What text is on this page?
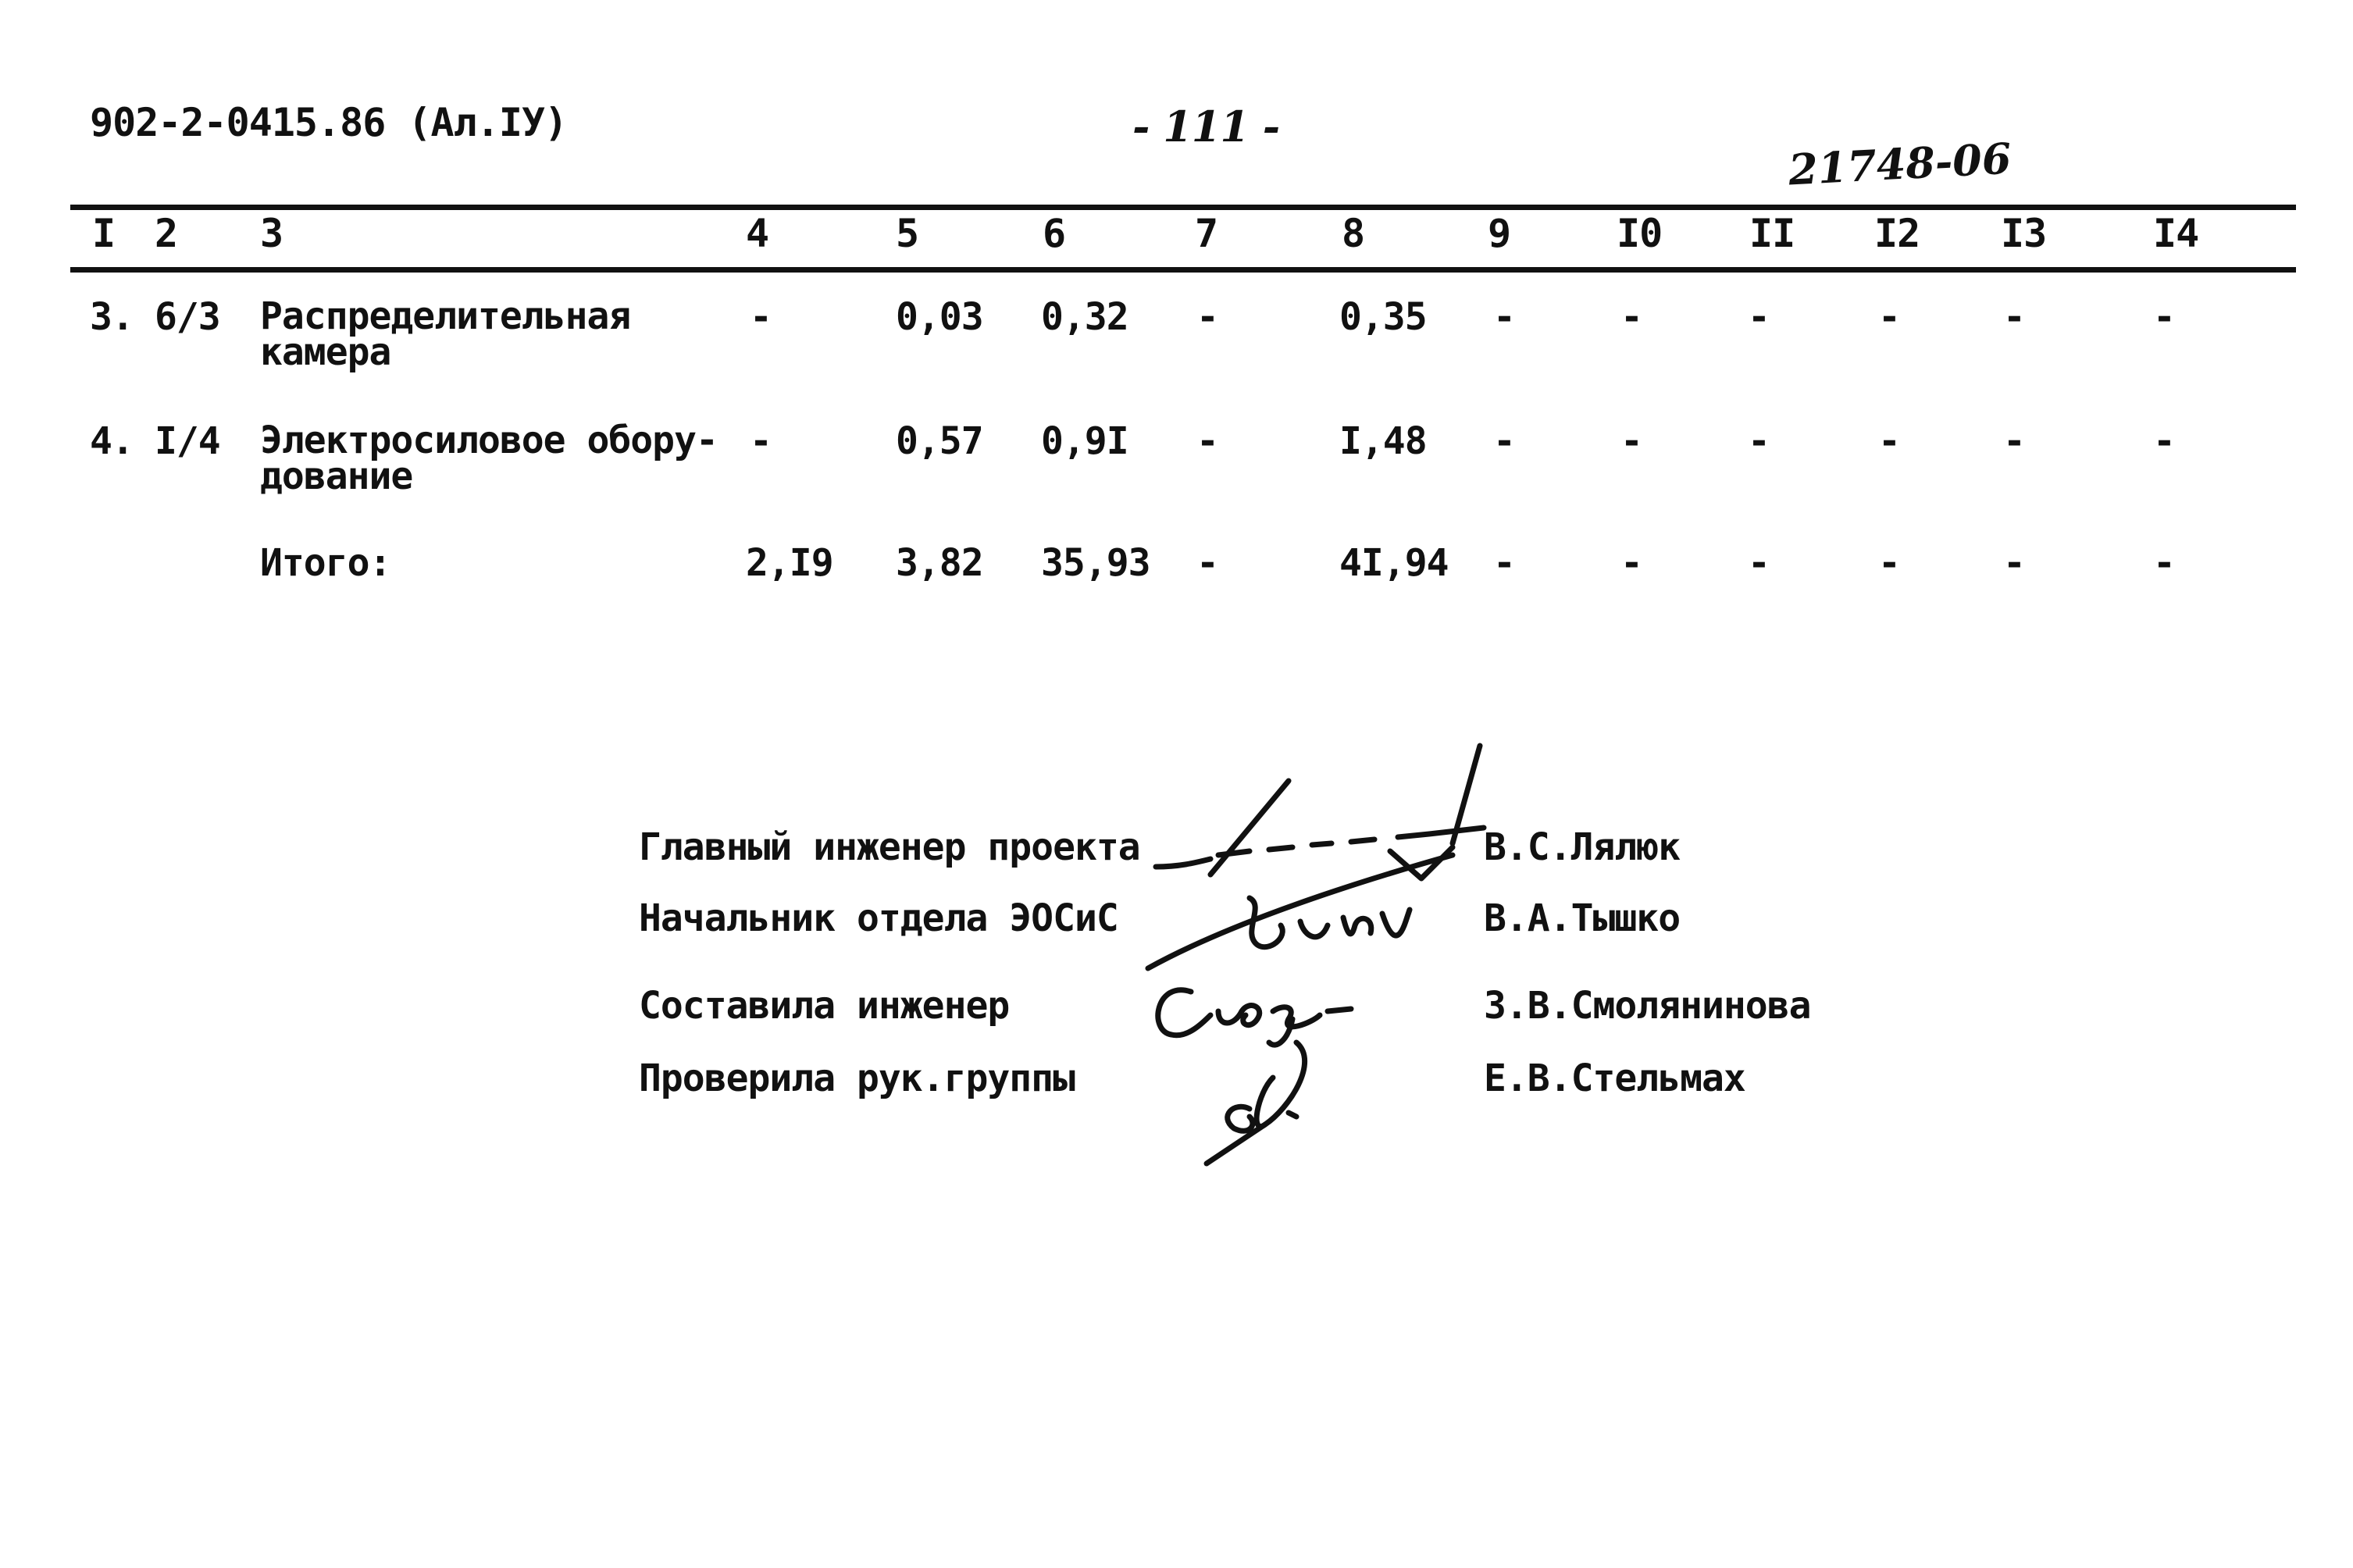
902-2-0415.86 (Ал.IУ)	- 111 -
21748-06
I 2 3	4	5	6	7	8	9	I0 II I2 I3	I4
3. 6/3 Распределительная
камера
-	0,03 0,32 -	0,35 -	-	-	-	-	-
4. I/4 Электросиловое обору-
дование
-	0,57 0,9I -	I,48 -	-	-	-	-	-
Итого:	2,I9 3,82 35,93 -	4I,94 -	-	-	-	-	-
Главный инженер проекта	В.С.Лялюк
Начальник отдела ЭОСиС	В.А.Тышко
Составила инженер	З.В.Смолянинова
Проверила рук.группы	Е.В.Стельмах
